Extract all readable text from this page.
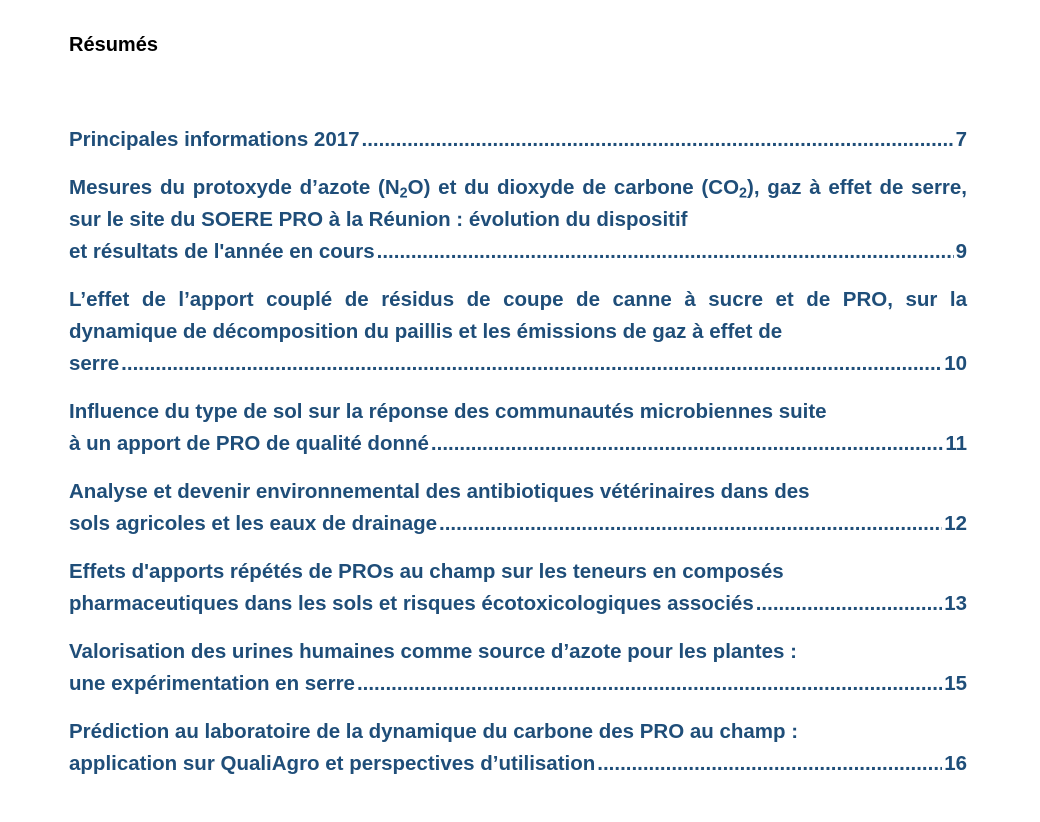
Résumés
Principales informations 2017 .....	7
Mesures du protoxyde d’azote $(N_2O)$ et du dioxyde de carbone $(CO_2)$, gaz à effet de serre, sur le site du SOERE PRO à la Réunion : évolution du dispositif
et résultats de l'année en cours .....	9
L’effet de l’apport couplé de résidus de coupe de canne à sucre et de PRO, sur la dynamique de décomposition du paillis et les émissions de gaz à effet de
serre .....	10
Influence du type de sol sur la réponse des communautés microbiennes suite
à un apport de PRO de qualité donné .....	11
Analyse et devenir environnemental des antibiotiques vétérinaires dans des
sols agricoles et les eaux de drainage .....	12
Effets d'apports répétés de PROs au champ sur les teneurs en composés
pharmaceutiques dans les sols et risques écotoxicologiques associés .....	13
Valorisation des urines humaines comme source d’azote pour les plantes :
une expérimentation en serre .....	15
Prédiction au laboratoire de la dynamique du carbone des PRO au champ :
application sur QualiAgro et perspectives d’utilisation .....	16
